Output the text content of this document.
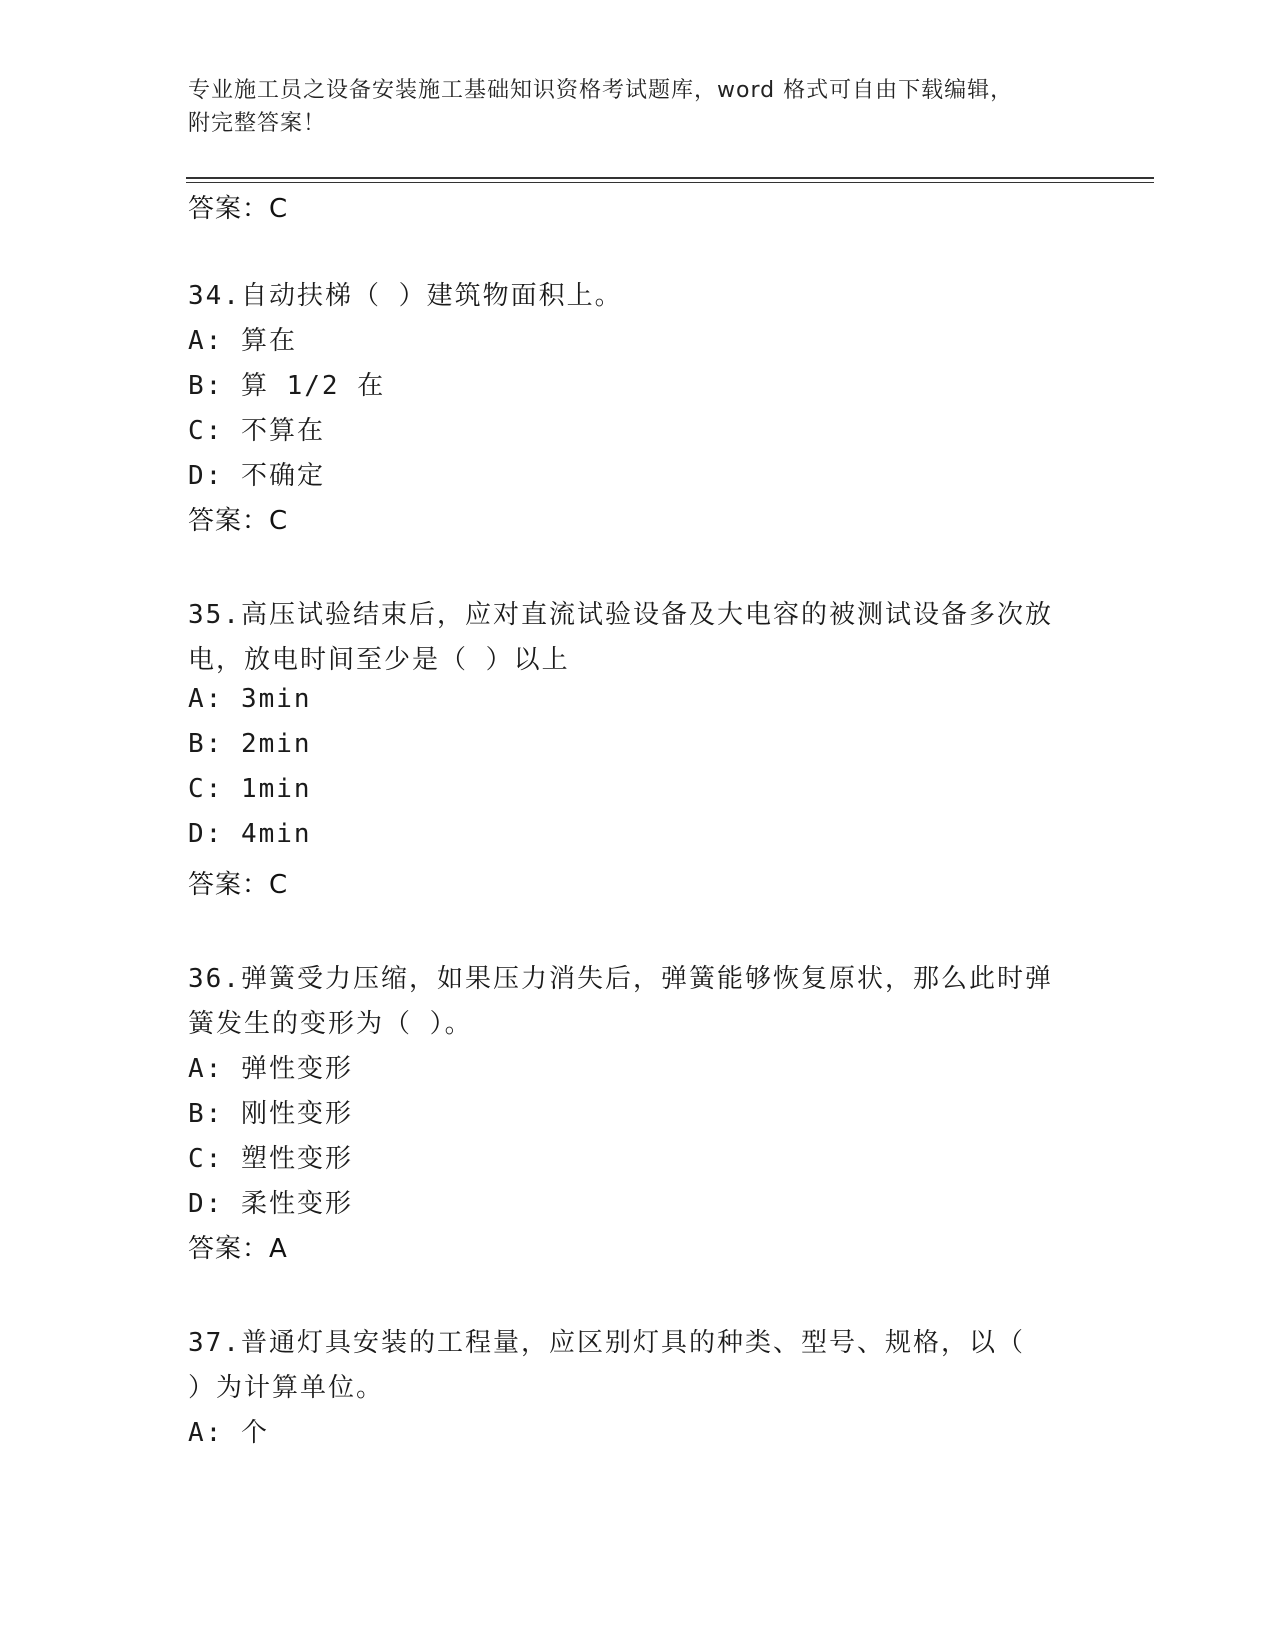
专业施工员之设备安装施工基础知识资格考试题库，word 格式可自由下载编辑，
附完整答案！
答案：C
34.自动扶梯（ ）建筑物面积上。
A: 算在
B: 算 1/2 在
C: 不算在
D: 不确定
答案：C
35.高压试验结束后，应对直流试验设备及大电容的被测试设备多次放
电，放电时间至少是（ ）以上
A: 3min
B: 2min
C: 1min
D: 4min
答案：C
36.弹簧受力压缩，如果压力消失后，弹簧能够恢复原状，那么此时弹
簧发生的变形为（ ）。
A: 弹性变形
B: 刚性变形
C: 塑性变形
D: 柔性变形
答案：A
37.普通灯具安装的工程量，应区别灯具的种类、型号、规格，以（
）为计算单位。
A: 个
